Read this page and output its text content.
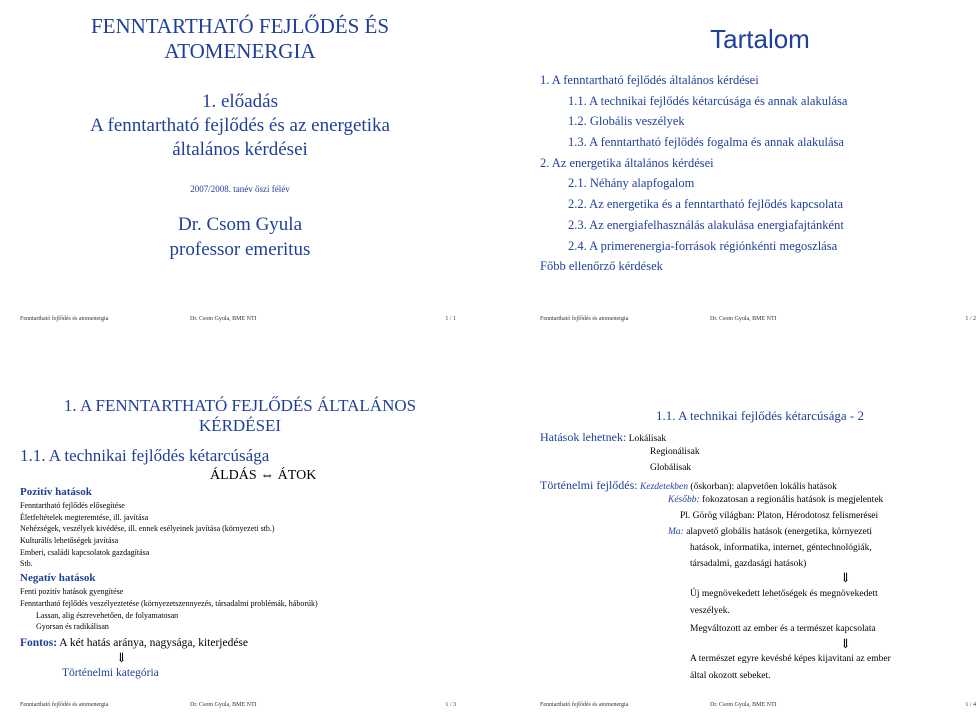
FENNTARTHATÓ FEJLŐDÉS ÉS
ATOMENERGIA
1. előadás
A fenntartható fejlődés és az energetika
általános kérdései
2007/2008. tanév őszi félév
Dr. Csom Gyula
professor emeritus
Fenntartható fejlődés és atomenergia	Dr. Csom Gyula, BME NTI	1 / 1
Tartalom
1. A fenntartható fejlődés általános kérdései
1.1. A technikai fejlődés kétarcúsága és annak alakulása
1.2. Globális veszélyek
1.3. A fenntartható fejlődés fogalma és annak alakulása
2. Az energetika általános kérdései
2.1. Néhány alapfogalom
2.2. Az energetika és a fenntartható fejlődés kapcsolata
2.3. Az energiafelhasználás alakulása energiafajtánként
2.4. A primerenergia-források régiónkénti megoszlása
Főbb ellenőrző kérdések
Fenntartható fejlődés és atomenergia	Dr. Csom Gyula, BME NTI	1 / 2
1. A FENNTARTHATÓ FEJLŐDÉS ÁLTALÁNOS
KÉRDÉSEI
1.1. A technikai fejlődés kétarcúsága
ÁLDÁS ⇔ ÁTOK
Pozitív hatások
Fenntartható fejlődés elősegítése
Életfeltételek megteremtése, ill. javítása
Nehézségek, veszélyek kivédése, ill. ennek esélyeinek javítása (környezeti stb.)
Kulturális lehetőségek javítása
Emberi, családi kapcsolatok gazdagítása
Stb.
Negatív hatások
Fenti pozitív hatások gyengítése
Fenntartható fejlődés veszélyeztetése (környezetszennyezés, társadalmi problémák, háborúk)
Lassan, alig észrevehetően, de folyamatosan
Gyorsan és radikálisan
Fontos: A két hatás aránya, nagysága, kiterjedése
⇓
Történelmi kategória
Fenntartható fejlődés és atomenergia	Dr. Csom Gyula, BME NTI	1 / 3
1.1. A technikai fejlődés kétarcúsága - 2
Hatások lehetnek: Lokálisak
Regionálisak
Globálisak
Történelmi fejlődés: Kezdetekben (őskorban): alapvetően lokális hatások
Később: fokozatosan a regionális hatások is megjelentek
Pl. Görög világban: Platon, Hérodotosz felismerései
Ma: alapvető globális hatások (energetika, környezeti
hatások, informatika, internet, géntechnológiák,
társadalmi, gazdasági hatások)
⇓
Új megnövekedett lehetőségek és megnövekedett
veszélyek.
Megváltozott az ember és a természet kapcsolata
⇓
A természet egyre kevésbé képes kijavítani az ember
által okozott sebeket.
Fenntartható fejlődés és atomenergia	Dr. Csom Gyula, BME NTI	1 / 4
